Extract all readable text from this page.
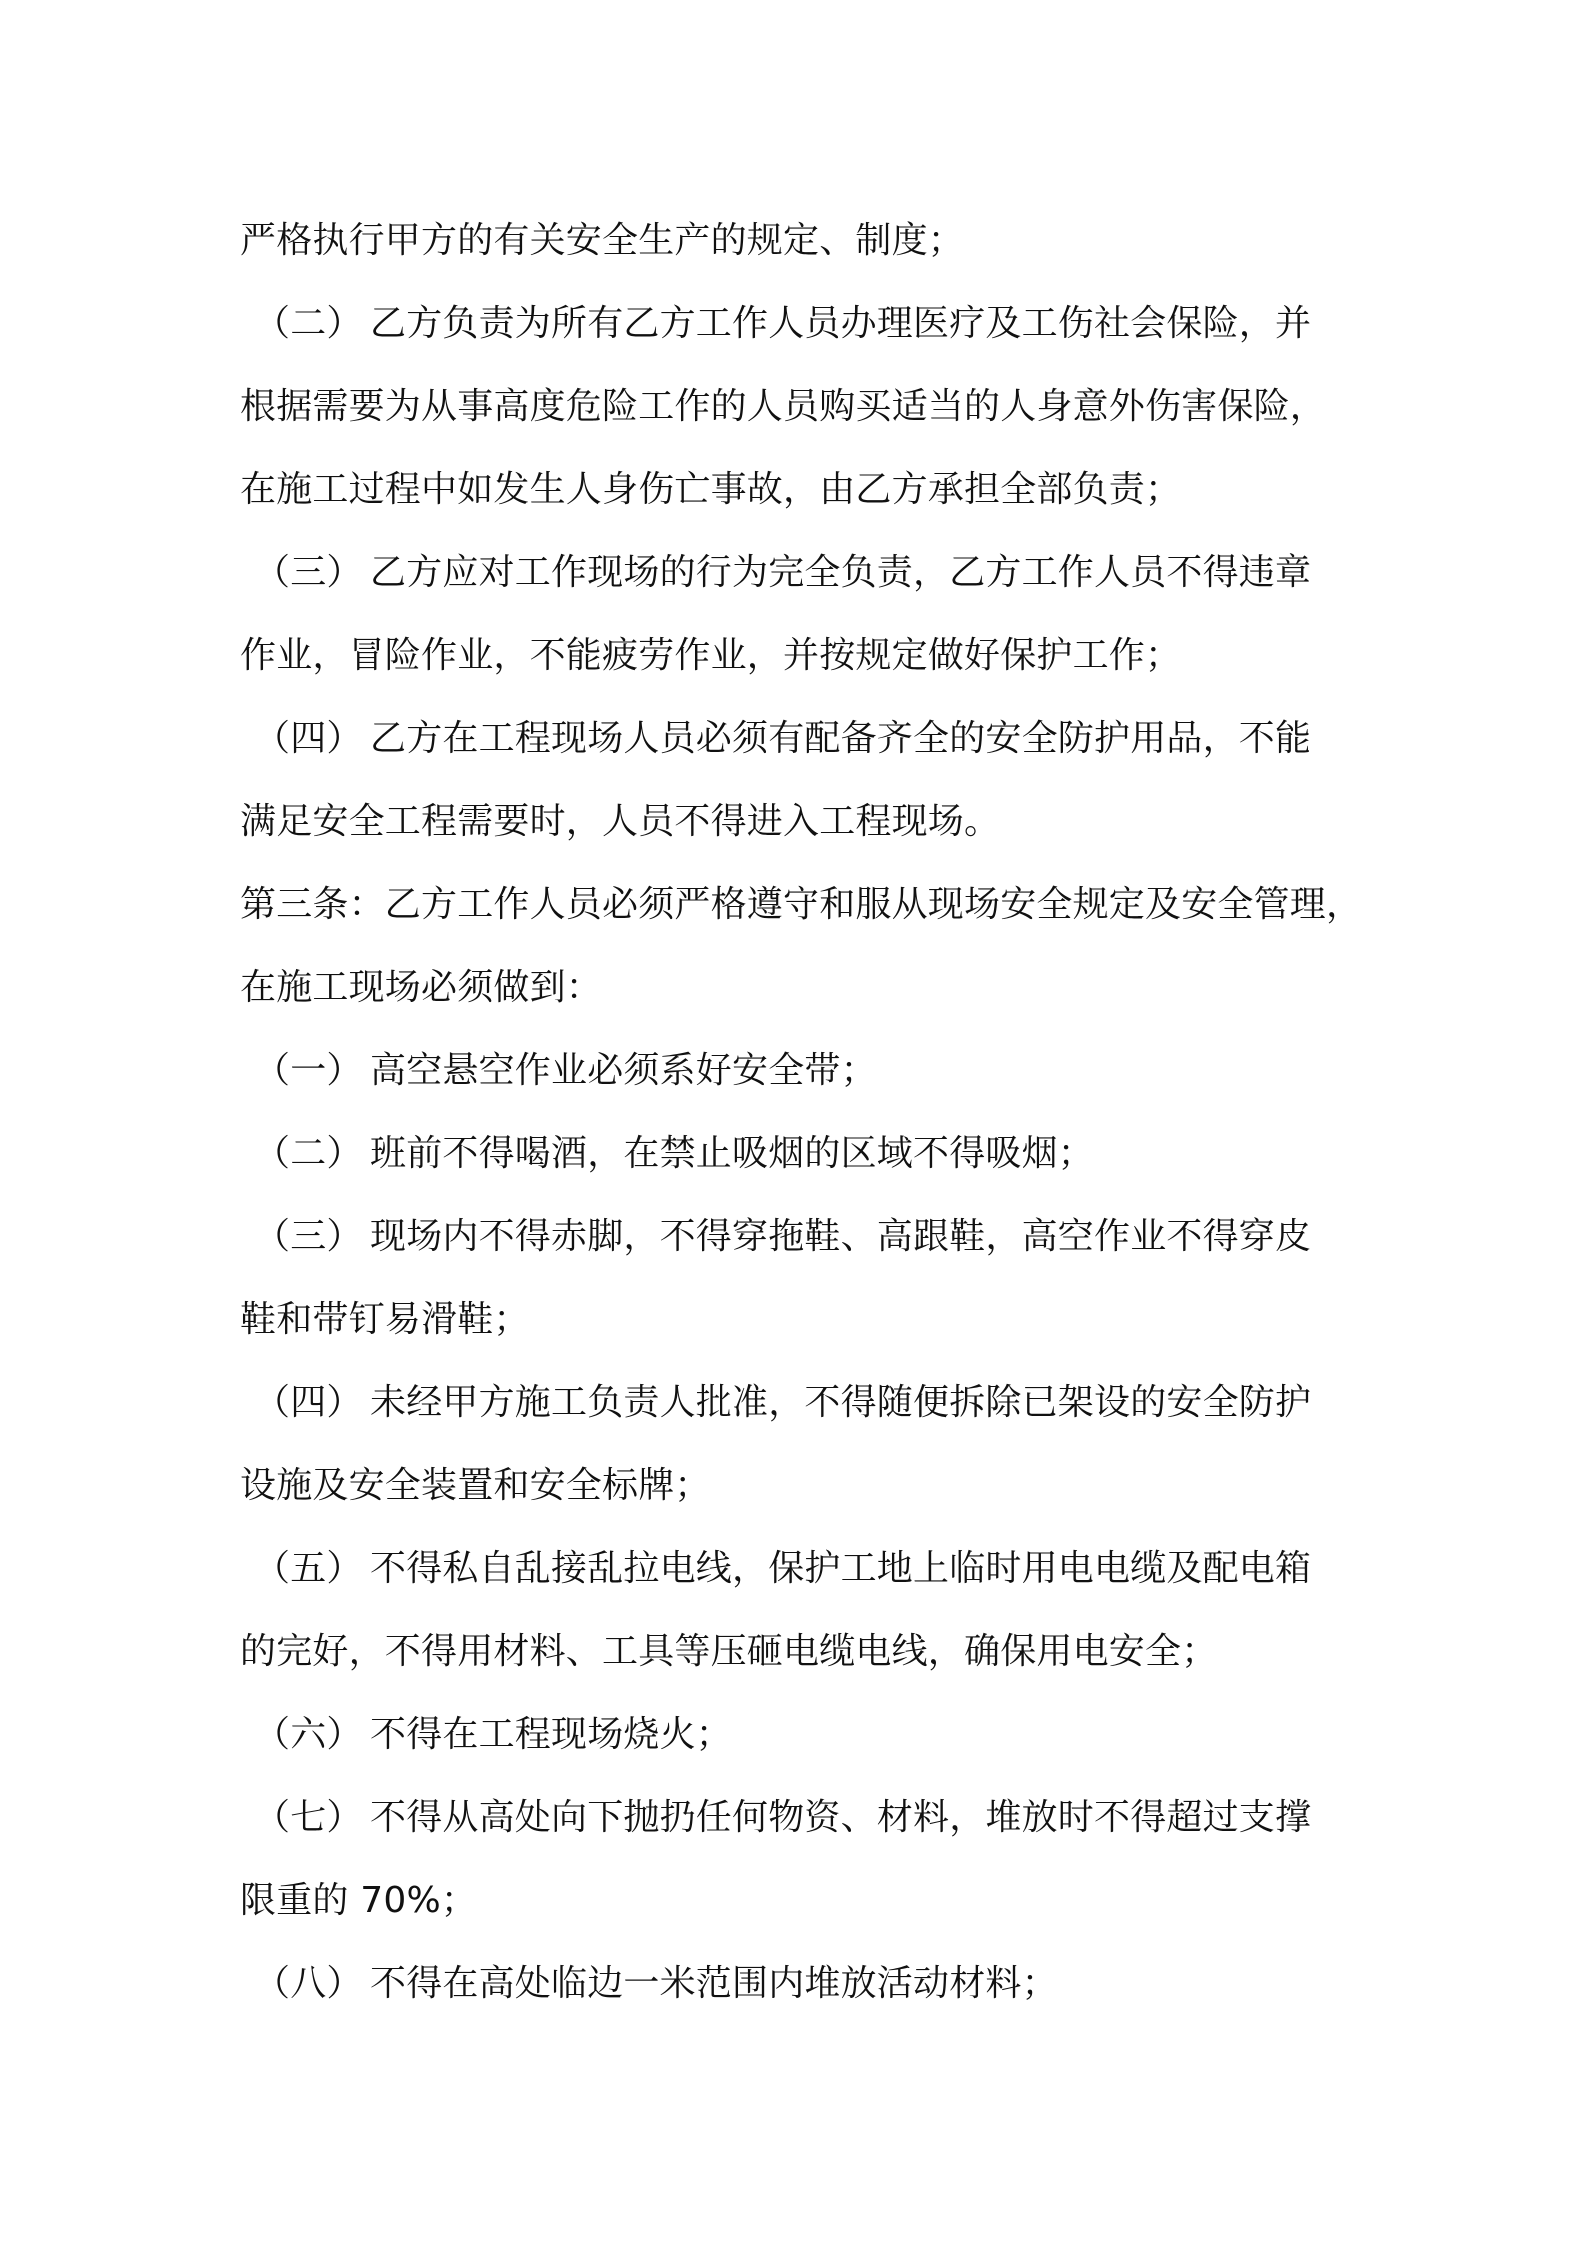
严格执行甲方的有关安全生产的规定、制度；
（二） 乙方负责为所有乙方工作人员办理医疗及工伤社会保险，并
根据需要为从事高度危险工作的人员购买适当的人身意外伤害保险，
在施工过程中如发生人身伤亡事故，由乙方承担全部负责；
（三） 乙方应对工作现场的行为完全负责，乙方工作人员不得违章
作业，冒险作业，不能疲劳作业，并按规定做好保护工作；
（四） 乙方在工程现场人员必须有配备齐全的安全防护用品，不能
满足安全工程需要时，人员不得进入工程现场。
第三条：乙方工作人员必须严格遵守和服从现场安全规定及安全管理，
在施工现场必须做到：
（一） 高空悬空作业必须系好安全带；
（二） 班前不得喝酒，在禁止吸烟的区域不得吸烟；
（三） 现场内不得赤脚，不得穿拖鞋、高跟鞋，高空作业不得穿皮
鞋和带钉易滑鞋；
（四） 未经甲方施工负责人批准，不得随便拆除已架设的安全防护
设施及安全装置和安全标牌；
（五） 不得私自乱接乱拉电线，保护工地上临时用电电缆及配电箱
的完好，不得用材料、工具等压砸电缆电线，确保用电安全；
（六） 不得在工程现场烧火；
（七） 不得从高处向下抛扔任何物资、材料，堆放时不得超过支撑
限重的 70%；
（八） 不得在高处临边一米范围内堆放活动材料；
